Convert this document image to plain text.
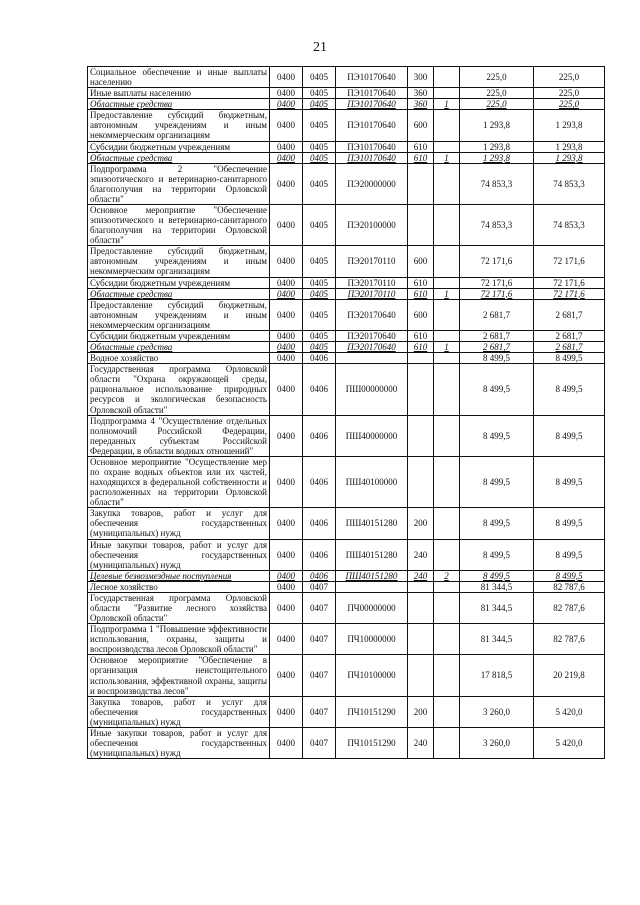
21
Социальное обеспечение и иные выплаты населению	0400	0405	ПЭ10170640	300		225,0	225,0
Иные выплаты населению	0400	0405	ПЭ10170640	360		225,0	225,0
Областные средства	0400	0405	ПЭ10170640	360	1	225,0	225,0
Предоставление субсидий бюджетным, автономным учреждениям и иным некоммерческим организациям	0400	0405	ПЭ10170640	600		1 293,8	1 293,8
Субсидии бюджетным учреждениям	0400	0405	ПЭ10170640	610		1 293,8	1 293,8
Областные средства	0400	0405	ПЭ10170640	610	1	1 293,8	1 293,8
Подпрограмма 2 "Обеспечение эпизоотического и ветеринарно-санитарного благополучия на территории Орловской области"	0400	0405	ПЭ20000000			74 853,3	74 853,3
Основное мероприятие "Обеспечение эпизоотического и ветеринарно-санитарного благополучия на территории Орловской области"	0400	0405	ПЭ20100000			74 853,3	74 853,3
Предоставление субсидий бюджетным, автономным учреждениям и иным некоммерческим организациям	0400	0405	ПЭ20170110	600		72 171,6	72 171,6
Субсидии бюджетным учреждениям	0400	0405	ПЭ20170110	610		72 171,6	72 171,6
Областные средства	0400	0405	ПЭ20170110	610	1	72 171,6	72 171,6
Предоставление субсидий бюджетным, автономным учреждениям и иным некоммерческим организациям	0400	0405	ПЭ20170640	600		2 681,7	2 681,7
Субсидии бюджетным учреждениям	0400	0405	ПЭ20170640	610		2 681,7	2 681,7
Областные средства	0400	0405	ПЭ20170640	610	1	2 681,7	2 681,7
Водное хозяйство	0400	0406				8 499,5	8 499,5
Государственная программа Орловской области "Охрана окружающей среды, рациональное использование природных ресурсов и экологическая безопасность Орловской области"	0400	0406	ПШ00000000			8 499,5	8 499,5
Подпрограмма 4 "Осуществление отдельных полномочий Российской Федерации, переданных субъектам Российской Федерации, в области водных отношений"	0400	0406	ПШ40000000			8 499,5	8 499,5
Основное мероприятие "Осуществление мер по охране водных объектов или их частей, находящихся в федеральной собственности и расположенных на территории Орловской области"	0400	0406	ПШ40100000			8 499,5	8 499,5
Закупка товаров, работ и услуг для обеспечения государственных (муниципальных) нужд	0400	0406	ПШ40151280	200		8 499,5	8 499,5
Иные закупки товаров, работ и услуг для обеспечения государственных (муниципальных) нужд	0400	0406	ПШ40151280	240		8 499,5	8 499,5
Целевые безвозмездные поступления	0400	0406	ПШ40151280	240	2	8 499,5	8 499,5
Лесное хозяйство	0400	0407				81 344,5	82 787,6
Государственная программа Орловской области "Развитие лесного хозяйства Орловской области"	0400	0407	ПЧ00000000			81 344,5	82 787,6
Подпрограмма 1 "Повышение эффективности использования, охраны, защиты и воспроизводства лесов Орловской области"	0400	0407	ПЧ10000000			81 344,5	82 787,6
Основное мероприятие "Обеспечение в организация неистощительного использования, эффективной охраны, защиты и воспроизводства лесов"	0400	0407	ПЧ10100000			17 818,5	20 219,8
Закупка товаров, работ и услуг для обеспечения государственных (муниципальных) нужд	0400	0407	ПЧ10151290	200		3 260,0	5 420,0
Иные закупки товаров, работ и услуг для обеспечения государственных (муниципальных) нужд	0400	0407	ПЧ10151290	240		3 260,0	5 420,0
